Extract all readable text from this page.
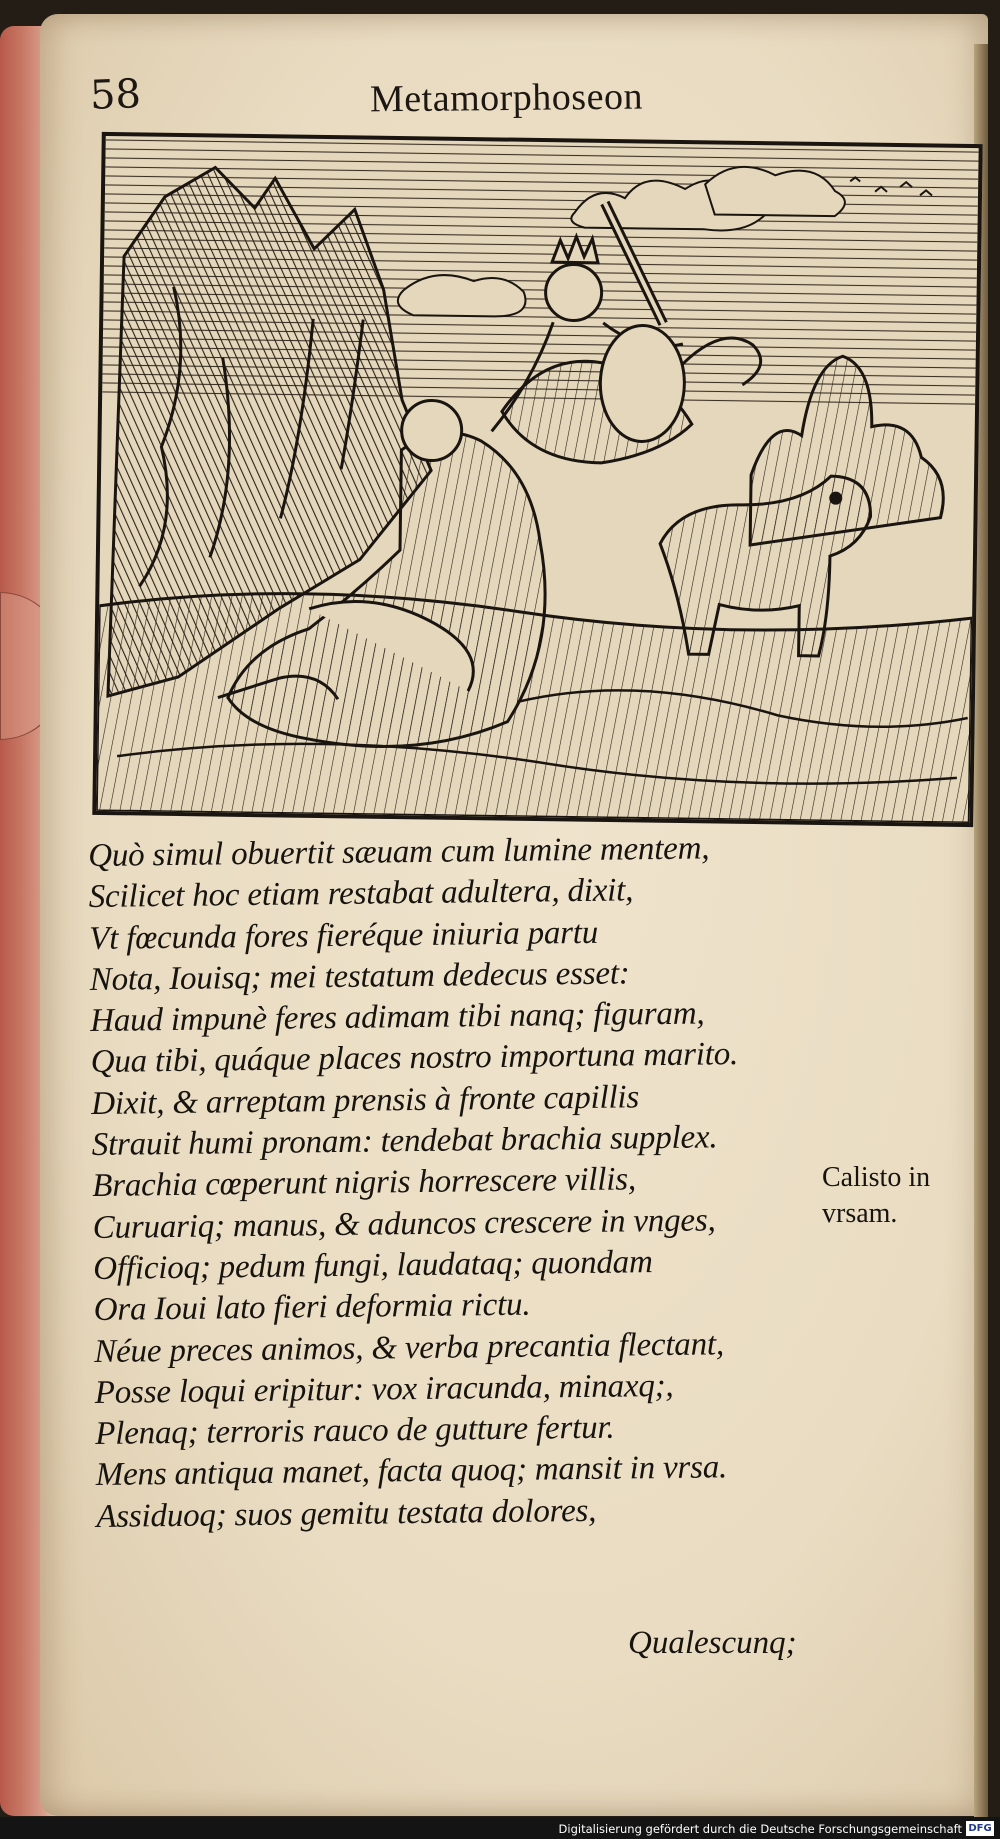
58	Metamorphoseon
Quò simul obuertit sæuam cum lumine mentem,
Scilicet hoc etiam restabat adultera, dixit,
Vt fœcunda fores fieréque iniuria partu
Nota, Iouisq; mei testatum dedecus esset:
Haud impunè feres adimam tibi nanq; figuram,
Qua tibi, quáque places nostro importuna marito.
Dixit, & arreptam prensis à fronte capillis
Strauit humi pronam: tendebat brachia supplex.
Brachia cœperunt nigris horrescere villis,
Curuariq; manus, & aduncos crescere in vnges,
Officioq; pedum fungi, laudataq; quondam
Ora Ioui lato fieri deformia rictu.
Néue preces animos, & verba precantia flectant,
Posse loqui eripitur: vox iracunda, minaxq;,
Plenaq; terroris rauco de gutture fertur.
Mens antiqua manet, facta quoq; mansit in vrsa.
Assiduoq; suos gemitu testata dolores,
Qualescunq;
Calisto in
vrsam.
Digitalisierung gefördert durch die Deutsche Forschungsgemeinschaft DFG
